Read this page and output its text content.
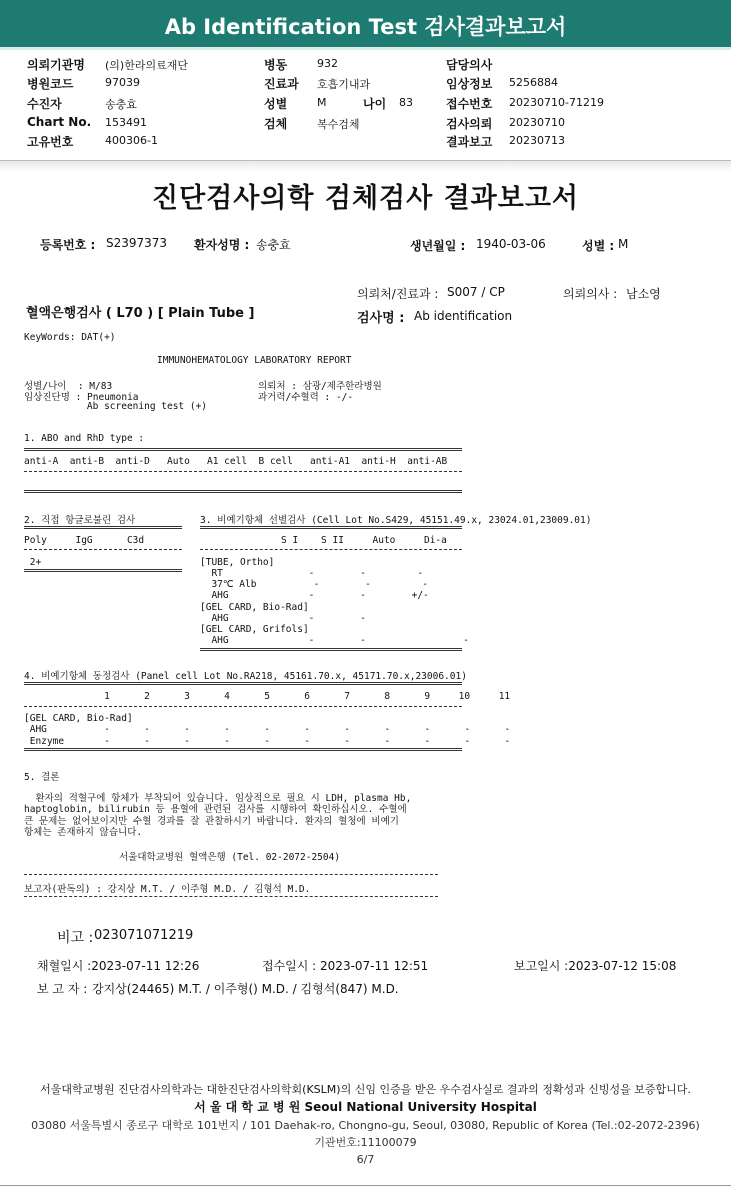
Ab Identification Test 검사결과보고서
의뢰기관명 (의)한라의료재단
병원코드	97039
수진자	송충효
Chart No. 153491
고유번호	400306-1
병동	932
진료과 호흡기내과
성별	M	나이 83
검체	복수검체
담당의사
임상정보 5256884
접수번호 20230710-71219
검사의뢰 20230710
결과보고 20230713
진단검사의학 검체검사 결과보고서
등록번호 : S2397373 환자성명 : 송충효	생년월일 : 1940-03-06	성별 : M
의뢰처/진료과 : S007 / CP	의뢰의사 : 남소영
혈액은행검사 ( L70 ) [ Plain Tube ]	검사명 : Ab identification
KeyWords: DAT(+)
IMMUNOHEMATOLOGY LABORATORY REPORT
성별/나이  : M/83	의뢰처 : 삼광/제주한라병원
임상진단명 : Pneumonia	과거력/수혈력 : -/-
Ab screening test (+)
1. ABO and RhD type :
anti-A  anti-B  anti-D   Auto   A1 cell  B cell   anti-A1  anti-H  anti-AB
2. 직접 항글로불린 검사
Poly     IgG      C3d
2+
3. 비예기항체 선별검사 (Cell Lot No.S429, 45151.49.x, 23024.01,23009.01)
S I    S II     Auto     Di-a
[TUBE, Ortho]
RT               -        -         -
37℃ Alb          -        -         -
AHG              -        -        +/-
[GEL CARD, Bio-Rad]
AHG              -        -
[GEL CARD, Grifols]
AHG              -        -                 -
4. 비예기항체 동정검사 (Panel cell Lot No.RA218, 45161.70.x, 45171.70.x,23006.01)
1      2      3      4      5      6      7      8      9     10     11
[GEL CARD, Bio-Rad]
AHG          -      -      -      -      -      -      -      -      -      -      -
Enzyme       -      -      -      -      -      -      -      -      -      -      -
5. 결론
환자의 적혈구에 항체가 부착되어 있습니다. 임상적으로 필요 시 LDH, plasma Hb,
haptoglobin, bilirubin 등 용혈에 관련된 검사를 시행하여 확인하십시오. 수혈에
큰 문제는 없어보이지만 수혈 경과를 잘 관찰하시기 바랍니다. 환자의 혈청에 비예기
항체는 존재하지 않습니다.
서울대학교병원 혈액은행 (Tel. 02-2072-2504)
보고자(판독의) : 강지상 M.T. / 이주형 M.D. / 김형석 M.D.
비고 : 023071071219
채혈일시 :2023-07-11 12:26	접수일시 : 2023-07-11 12:51	보고일시 :2023-07-12 15:08
보 고 자 : 강지상(24465) M.T. / 이주형() M.D. / 김형석(847) M.D.
서울대학교병원 진단검사의학과는 대한진단검사의학회(KSLM)의 신임 인증을 받은 우수검사실로 결과의 정확성과 신빙성을 보증합니다.
서 울 대 학 교 병 원 Seoul National University Hospital
03080 서울특별시 종로구 대학로 101번지 / 101 Daehak-ro, Chongno-gu, Seoul, 03080, Republic of Korea (Tel.:02-2072-2396)
기관번호:11100079
6/7
